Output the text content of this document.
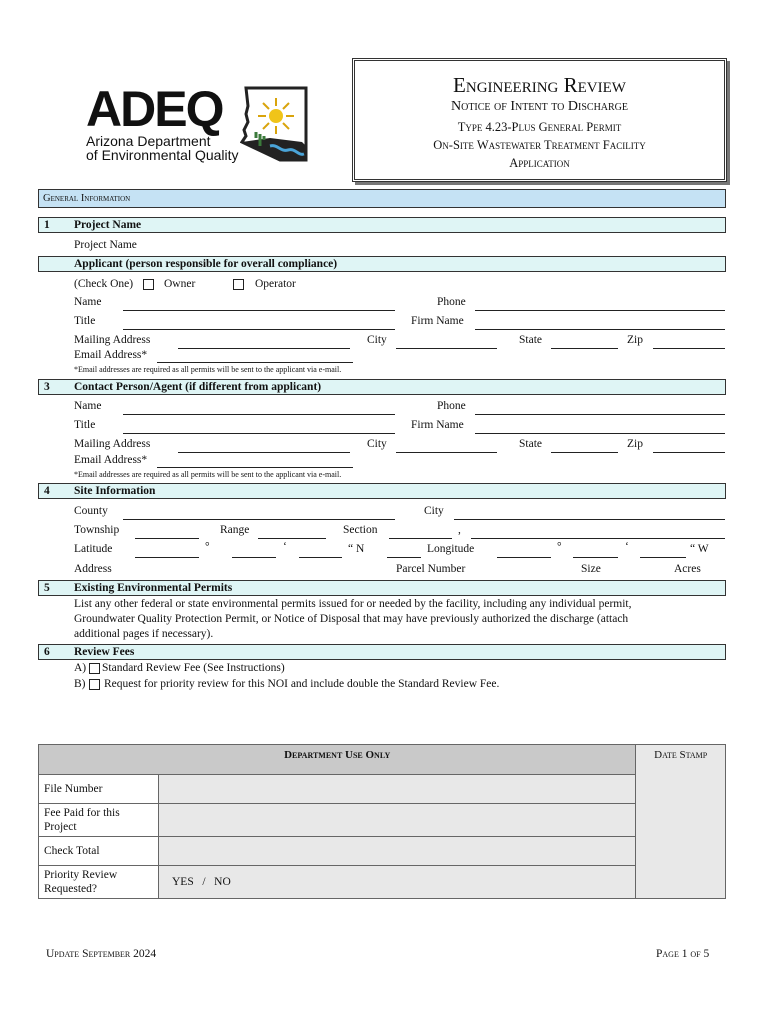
ADEQ
Arizona Department
of Environmental Quality
Engineering Review
Notice of Intent to Discharge
Type 4.23-Plus General Permit
On-Site Wastewater Treatment Facility
Application
General Information
1 Project Name
Project Name
Applicant (person responsible for overall compliance)
(Check One)	Owner	Operator
Name	Phone
Title	Firm Name
Mailing Address	City	State	Zip
Email Address*
*Email addresses are required as all permits will be sent to the applicant via e-mail.
3 Contact Person/Agent (if different from applicant)
Name	Phone
Title	Firm Name
Mailing Address	City	State	Zip
Email Address*
*Email addresses are required as all permits will be sent to the applicant via e-mail.
4 Site Information
County	City
Township	Range	Section	,
Latitude	°	‘	“ N	Longitude	°	‘	“ W
Address	Parcel Number	Size	Acres
5 Existing Environmental Permits
List any other federal or state environmental permits issued for or needed by the facility, including any individual permit,
Groundwater Quality Protection Permit, or Notice of Disposal that may have previously authorized the discharge (attach
additional pages if necessary).
6 Review Fees
A) Standard Review Fee (See Instructions)
B) Request for priority review for this NOI and include double the Standard Review Fee.
Department Use Only		Date Stamp
File Number		
Fee Paid for this Project		
Check Total		
Priority Review Requested?	YES   /   NO	
Update September 2024	Page 1 of 5
